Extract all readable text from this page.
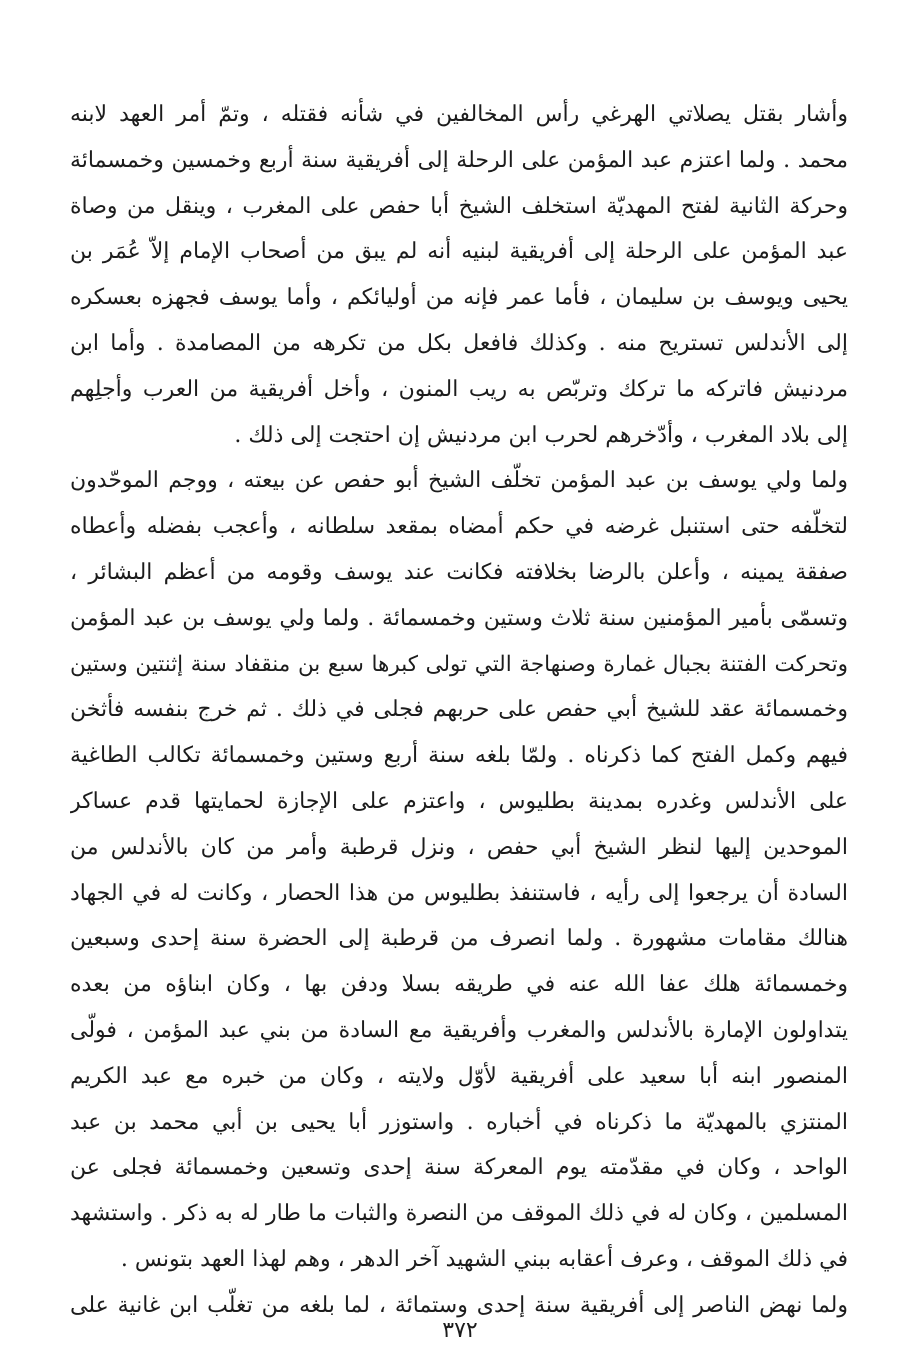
وأشار بقتل يصلاتي الهرغي رأس المخالفين في شأنه فقتله ، وتمّ أمر العهد لابنه
محمد . ولما اعتزم عبد المؤمن على الرحلة إلى أفريقية سنة أربع وخمسين وخمسمائة
وحركة الثانية لفتح المهديّة استخلف الشيخ أبا حفص على المغرب ، وينقل من وصاة
عبد المؤمن على الرحلة إلى أفريقية لبنيه أنه لم يبق من أصحاب الإمام إلاّ عُمَر بن
يحيى ويوسف بن سليمان ، فأما عمر فإنه من أوليائكم ، وأما يوسف فجهزه بعسكره
إلى الأندلس تستريح منه . وكذلك فافعل بكل من تكرهه من المصامدة . وأما ابن
مردنيش فاتركه ما تركك وتربّص به ريب المنون ، وأخل أفريقية من العرب وأجلِهم
إلى بلاد المغرب ، وأدّخرهم لحرب ابن مردنيش إن احتجت إلى ذلك .
ولما ولي يوسف بن عبد المؤمن تخلّف الشيخ أبو حفص عن بيعته ، ووجم الموحّدون
لتخلّفه حتى استنبل غرضه في حكم أمضاه بمقعد سلطانه ، وأعجب بفضله وأعطاه
صفقة يمينه ، وأعلن بالرضا بخلافته فكانت عند يوسف وقومه من أعظم البشائر ،
وتسمّى بأمير المؤمنين سنة ثلاث وستين وخمسمائة . ولما ولي يوسف بن عبد المؤمن
وتحركت الفتنة بجبال غمارة وصنهاجة التي تولى كبرها سبع بن منقفاد سنة إثنتين وستين
وخمسمائة عقد للشيخ أبي حفص على حربهم فجلى في ذلك . ثم خرج بنفسه فأثخن
فيهم وكمل الفتح كما ذكرناه . ولمّا بلغه سنة أربع وستين وخمسمائة تكالب الطاغية
على الأندلس وغدره بمدينة بطليوس ، واعتزم على الإجازة لحمايتها قدم عساكر
الموحدين إليها لنظر الشيخ أبي حفص ، ونزل قرطبة وأمر من كان بالأندلس من
السادة أن يرجعوا إلى رأيه ، فاستنفذ بطليوس من هذا الحصار ، وكانت له في الجهاد
هنالك مقامات مشهورة . ولما انصرف من قرطبة إلى الحضرة سنة إحدى وسبعين
وخمسمائة هلك عفا الله عنه في طريقه بسلا ودفن بها ، وكان ابناؤه من بعده
يتداولون الإمارة بالأندلس والمغرب وأفريقية مع السادة من بني عبد المؤمن ، فولّى
المنصور ابنه أبا سعيد على أفريقية لأوّل ولايته ، وكان من خبره مع عبد الكريم
المنتزي بالمهديّة ما ذكرناه في أخباره . واستوزر أبا يحيى بن أبي محمد بن عبد
الواحد ، وكان في مقدّمته يوم المعركة سنة إحدى وتسعين وخمسمائة فجلى عن
المسلمين ، وكان له في ذلك الموقف من النصرة والثبات ما طار له به ذكر . واستشهد
في ذلك الموقف ، وعرف أعقابه ببني الشهيد آخر الدهر ، وهم لهذا العهد بتونس .
ولما نهض الناصر إلى أفريقية سنة إحدى وستمائة ، لما بلغه من تغلّب ابن غانية على
٣٧٢
